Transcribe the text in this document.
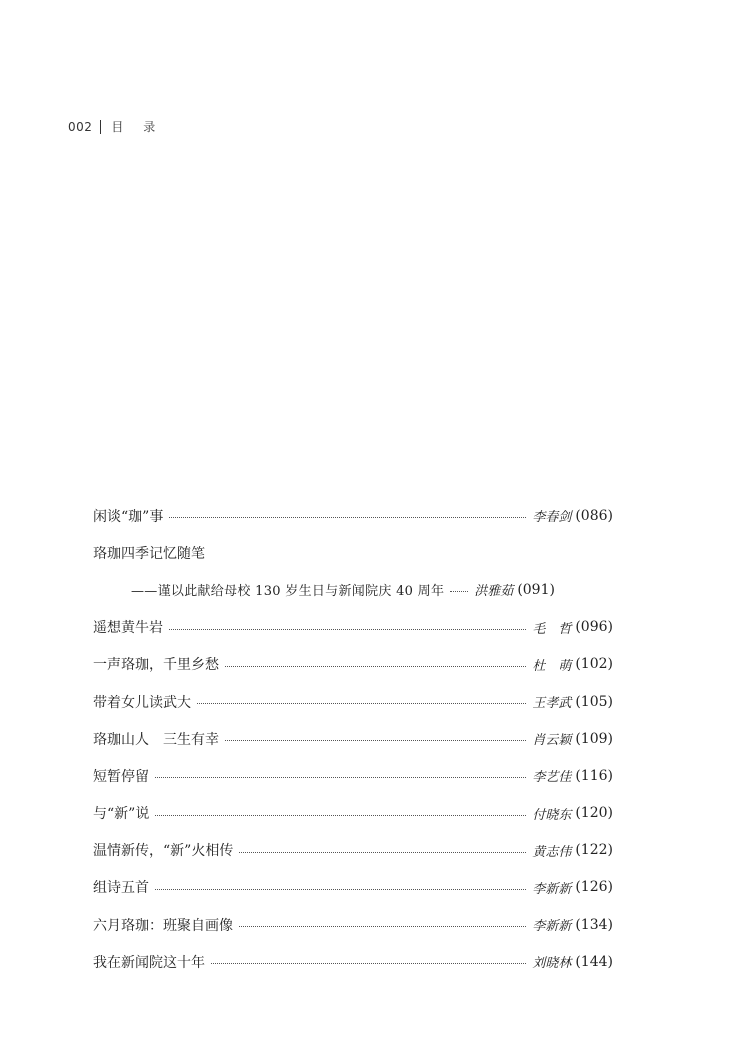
002 目 录
闲谈“珈”事	李春剑 (086)
珞珈四季记忆随笔
——谨以此献给母校 130 岁生日与新闻院庆 40 周年 洪雅茹 (091)
遥想黄牛岩	毛　哲 (096)
一声珞珈，千里乡愁	杜　萌 (102)
带着女儿读武大	王孝武 (105)
珞珈山人　三生有幸	肖云颖 (109)
短暂停留	李艺佳 (116)
与“新”说	付晓东 (120)
温情新传，“新”火相传	黄志伟 (122)
组诗五首	李新新 (126)
六月珞珈：班聚自画像	李新新 (134)
我在新闻院这十年	刘晓林 (144)
